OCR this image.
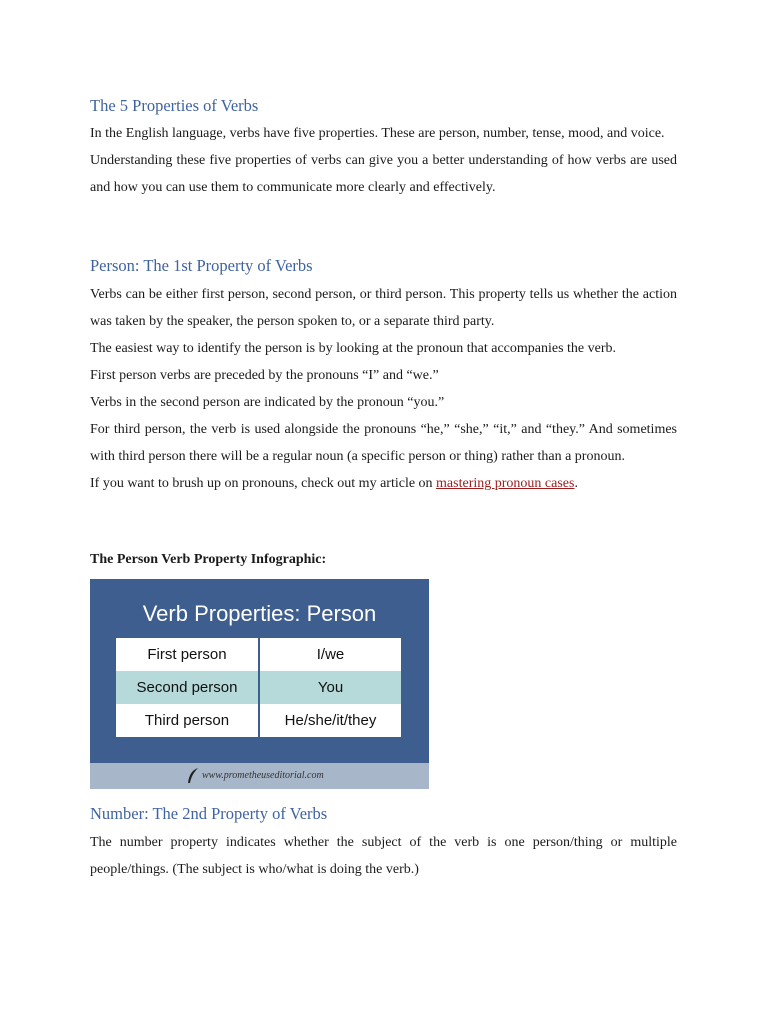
The 5 Properties of Verbs

In the English language, verbs have five properties. These are person, number, tense, mood, and voice.

Understanding these five properties of verbs can give you a better understanding of how verbs are used and how you can use them to communicate more clearly and effectively.

Person: The 1st Property of Verbs

Verbs can be either first person, second person, or third person. This property tells us whether the action was taken by the speaker, the person spoken to, or a separate third party.

The easiest way to identify the person is by looking at the pronoun that accompanies the verb.

First person verbs are preceded by the pronouns “I” and “we.”

Verbs in the second person are indicated by the pronoun “you.”

For third person, the verb is used alongside the pronouns “he,” “she,” “it,” and “they.” And sometimes with third person there will be a regular noun (a specific person or thing) rather than a pronoun.

If you want to brush up on pronouns, check out my article on mastering pronoun cases.

The Person Verb Property Infographic:
Verb Properties: Person
First person	I/we
Second person	You
Third person	He/she/it/they
www.prometheuseditorial.com
Number: The 2nd Property of Verbs

The number property indicates whether the subject of the verb is one person/thing or multiple people/things. (The subject is who/what is doing the verb.)
